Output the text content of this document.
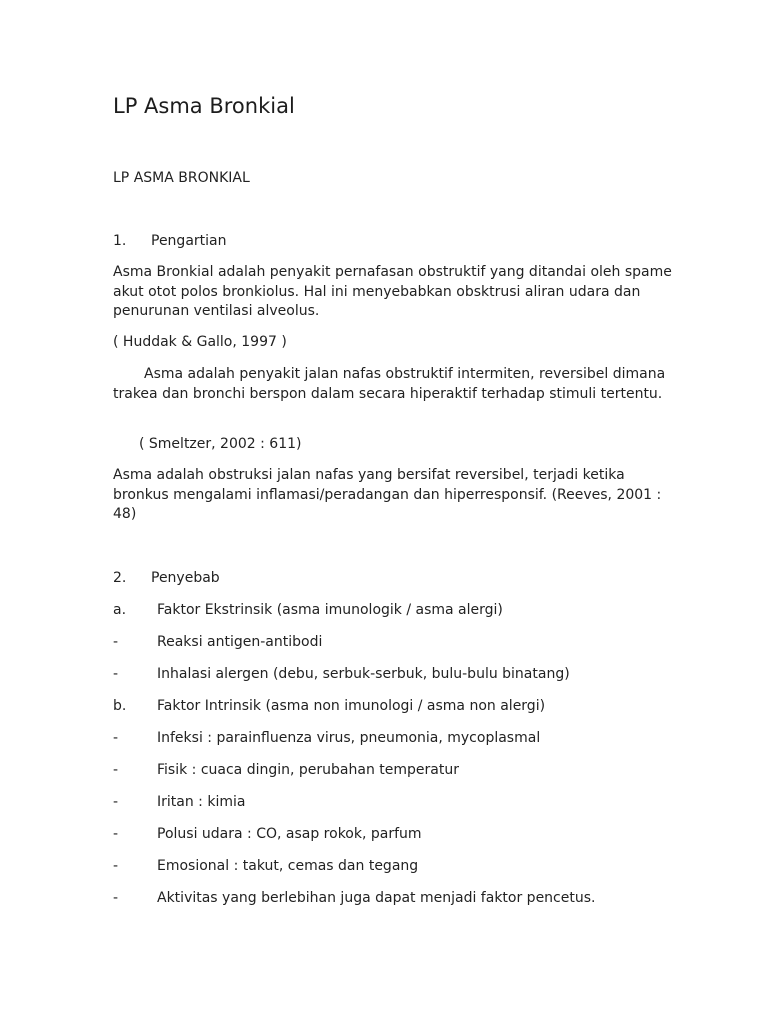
LP Asma Bronkial
LP ASMA BRONKIAL
1. Pengartian

Asma Bronkial adalah penyakit pernafasan obstruktif yang ditandai oleh spame akut otot polos bronkiolus. Hal ini menyebabkan obsktrusi aliran udara dan penurunan ventilasi alveolus.

( Huddak & Gallo, 1997 )

Asma adalah penyakit jalan nafas obstruktif intermiten, reversibel dimana trakea dan bronchi berspon dalam secara hiperaktif terhadap stimuli tertentu.

( Smeltzer, 2002 : 611)

Asma adalah obstruksi jalan nafas yang bersifat reversibel, terjadi ketika bronkus mengalami inflamasi/peradangan dan hiperresponsif. (Reeves, 2001 : 48)

2. Penyebab
a. Faktor Ekstrinsik (asma imunologik / asma alergi)
-	Reaksi antigen-antibodi
-	Inhalasi alergen (debu, serbuk-serbuk, bulu-bulu binatang)
b. Faktor Intrinsik (asma non imunologi / asma non alergi)
-	Infeksi : parainfluenza virus, pneumonia, mycoplasmal
-	Fisik : cuaca dingin, perubahan temperatur
-	Iritan : kimia
-	Polusi udara : CO, asap rokok, parfum
-	Emosional : takut, cemas dan tegang
-	Aktivitas yang berlebihan juga dapat menjadi faktor pencetus.
